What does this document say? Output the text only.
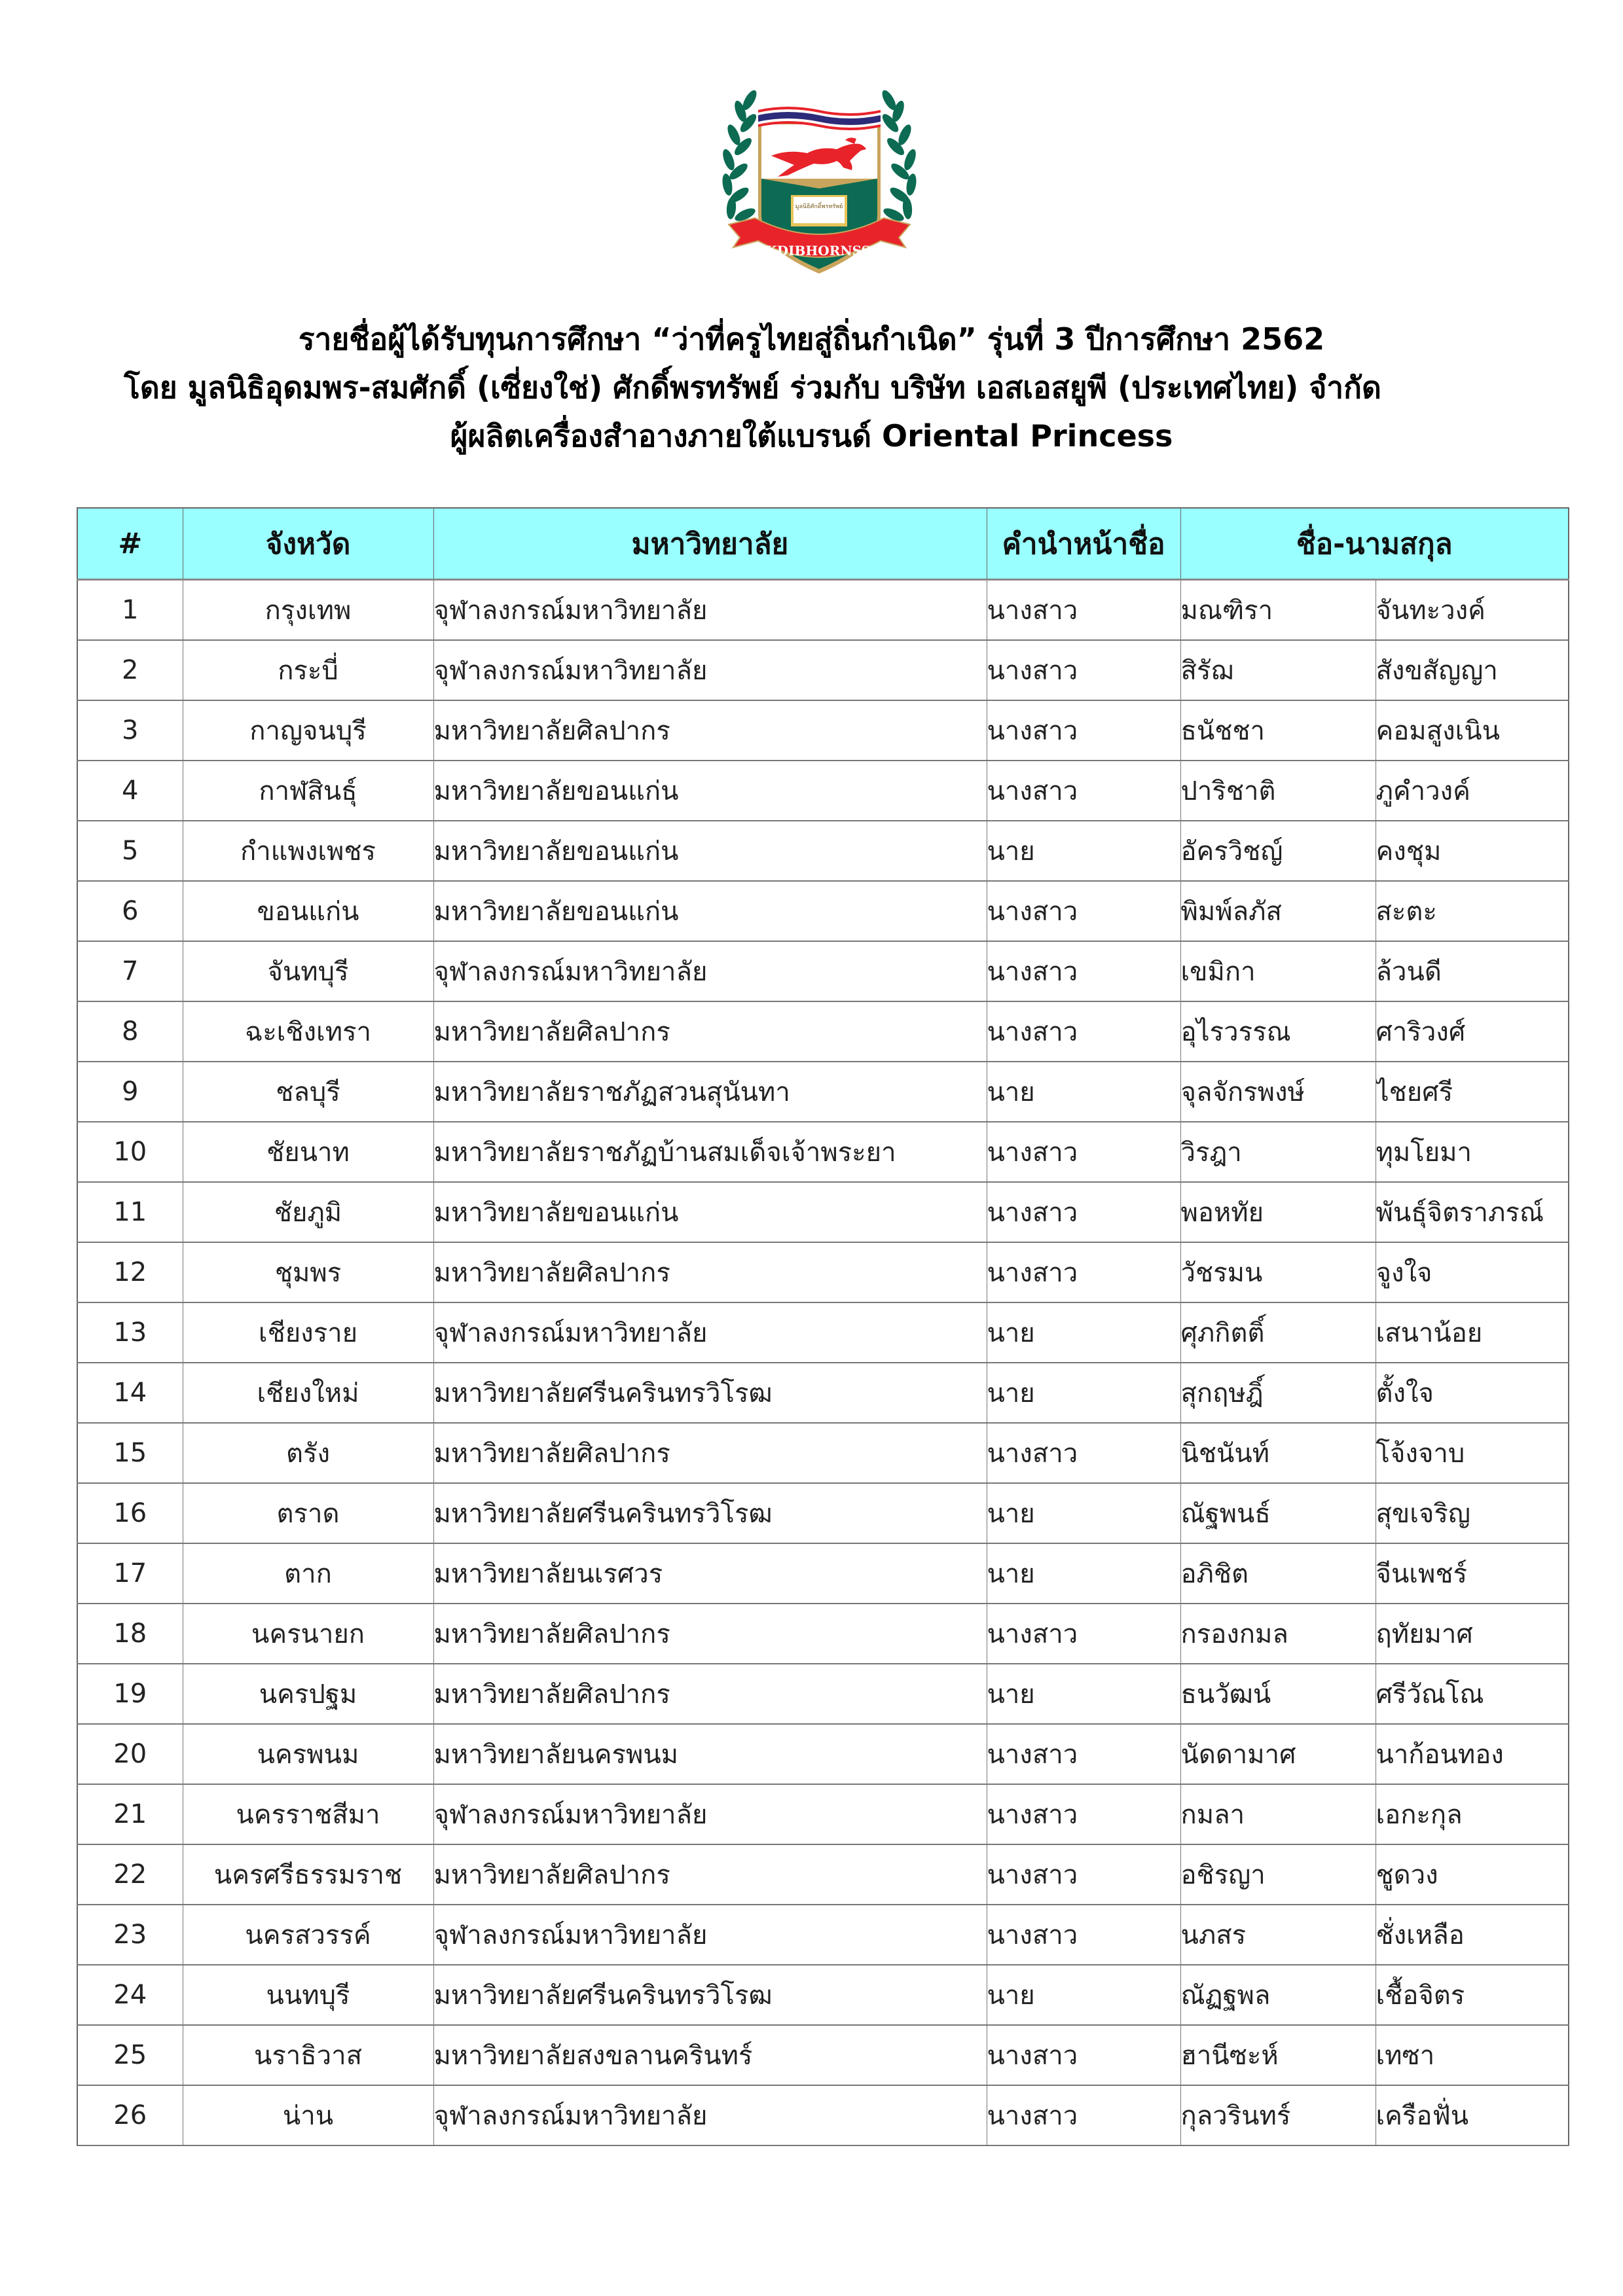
มูลนิธิศักดิ์พรทรัพย์
SAKDIBHORNSSUP
รายชื่อผู้ได้รับทุนการศึกษา “ว่าที่ครูไทยสู่ถิ่นกำเนิด” รุ่นที่ 3 ปีการศึกษา 2562
โดย มูลนิธิอุดมพร-สมศักดิ์ (เซี่ยงใช่) ศักดิ์พรทรัพย์ ร่วมกับ บริษัท เอสเอสยูพี (ประเทศไทย) จำกัด
ผู้ผลิตเครื่องสำอางภายใต้แบรนด์ Oriental Princess
#	จังหวัด	มหาวิทยาลัย	คำนำหน้าชื่อ	ชื่อ-นามสกุล	
1	กรุงเทพ	จุฬาลงกรณ์มหาวิทยาลัย	นางสาว	มณฑิรา	จันทะวงค์
2	กระบี่	จุฬาลงกรณ์มหาวิทยาลัย	นางสาว	สิรัฌ	สังขสัญญา
3	กาญจนบุรี	มหาวิทยาลัยศิลปากร	นางสาว	ธนัชชา	คอมสูงเนิน
4	กาฬสินธุ์	มหาวิทยาลัยขอนแก่น	นางสาว	ปาริชาติ	ภูคำวงค์
5	กำแพงเพชร	มหาวิทยาลัยขอนแก่น	นาย	อัครวิชญ์	คงชุม
6	ขอนแก่น	มหาวิทยาลัยขอนแก่น	นางสาว	พิมพ์ลภัส	สะตะ
7	จันทบุรี	จุฬาลงกรณ์มหาวิทยาลัย	นางสาว	เขมิกา	ล้วนดี
8	ฉะเชิงเทรา	มหาวิทยาลัยศิลปากร	นางสาว	อุไรวรรณ	ศาริวงศ์
9	ชลบุรี	มหาวิทยาลัยราชภัฏสวนสุนันทา	นาย	จุลจักรพงษ์	ไชยศรี
10	ชัยนาท	มหาวิทยาลัยราชภัฏบ้านสมเด็จเจ้าพระยา	นางสาว	วิรฎา	ทุมโยมา
11	ชัยภูมิ	มหาวิทยาลัยขอนแก่น	นางสาว	พอหทัย	พันธุ์จิตราภรณ์
12	ชุมพร	มหาวิทยาลัยศิลปากร	นางสาว	วัชรมน	จูงใจ
13	เชียงราย	จุฬาลงกรณ์มหาวิทยาลัย	นาย	ศุภกิตติ์	เสนาน้อย
14	เชียงใหม่	มหาวิทยาลัยศรีนครินทรวิโรฒ	นาย	สุกฤษฎิ์	ตั้งใจ
15	ตรัง	มหาวิทยาลัยศิลปากร	นางสาว	นิชนันท์	โจ้งจาบ
16	ตราด	มหาวิทยาลัยศรีนครินทรวิโรฒ	นาย	ณัฐพนธ์	สุขเจริญ
17	ตาก	มหาวิทยาลัยนเรศวร	นาย	อภิชิต	จีนเพชร์
18	นครนายก	มหาวิทยาลัยศิลปากร	นางสาว	กรองกมล	ฤทัยมาศ
19	นครปฐม	มหาวิทยาลัยศิลปากร	นาย	ธนวัฒน์	ศรีวัณโณ
20	นครพนม	มหาวิทยาลัยนครพนม	นางสาว	นัดดามาศ	นาก้อนทอง
21	นครราชสีมา	จุฬาลงกรณ์มหาวิทยาลัย	นางสาว	กมลา	เอกะกุล
22	นครศรีธรรมราช	มหาวิทยาลัยศิลปากร	นางสาว	อชิรญา	ชูดวง
23	นครสวรรค์	จุฬาลงกรณ์มหาวิทยาลัย	นางสาว	นภสร	ชั่งเหลือ
24	นนทบุรี	มหาวิทยาลัยศรีนครินทรวิโรฒ	นาย	ณัฏฐพล	เชื้อจิตร
25	นราธิวาส	มหาวิทยาลัยสงขลานครินทร์	นางสาว	ฮานีซะห์	เทซา
26	น่าน	จุฬาลงกรณ์มหาวิทยาลัย	นางสาว	กุลวรินทร์	เครือฟั่น
